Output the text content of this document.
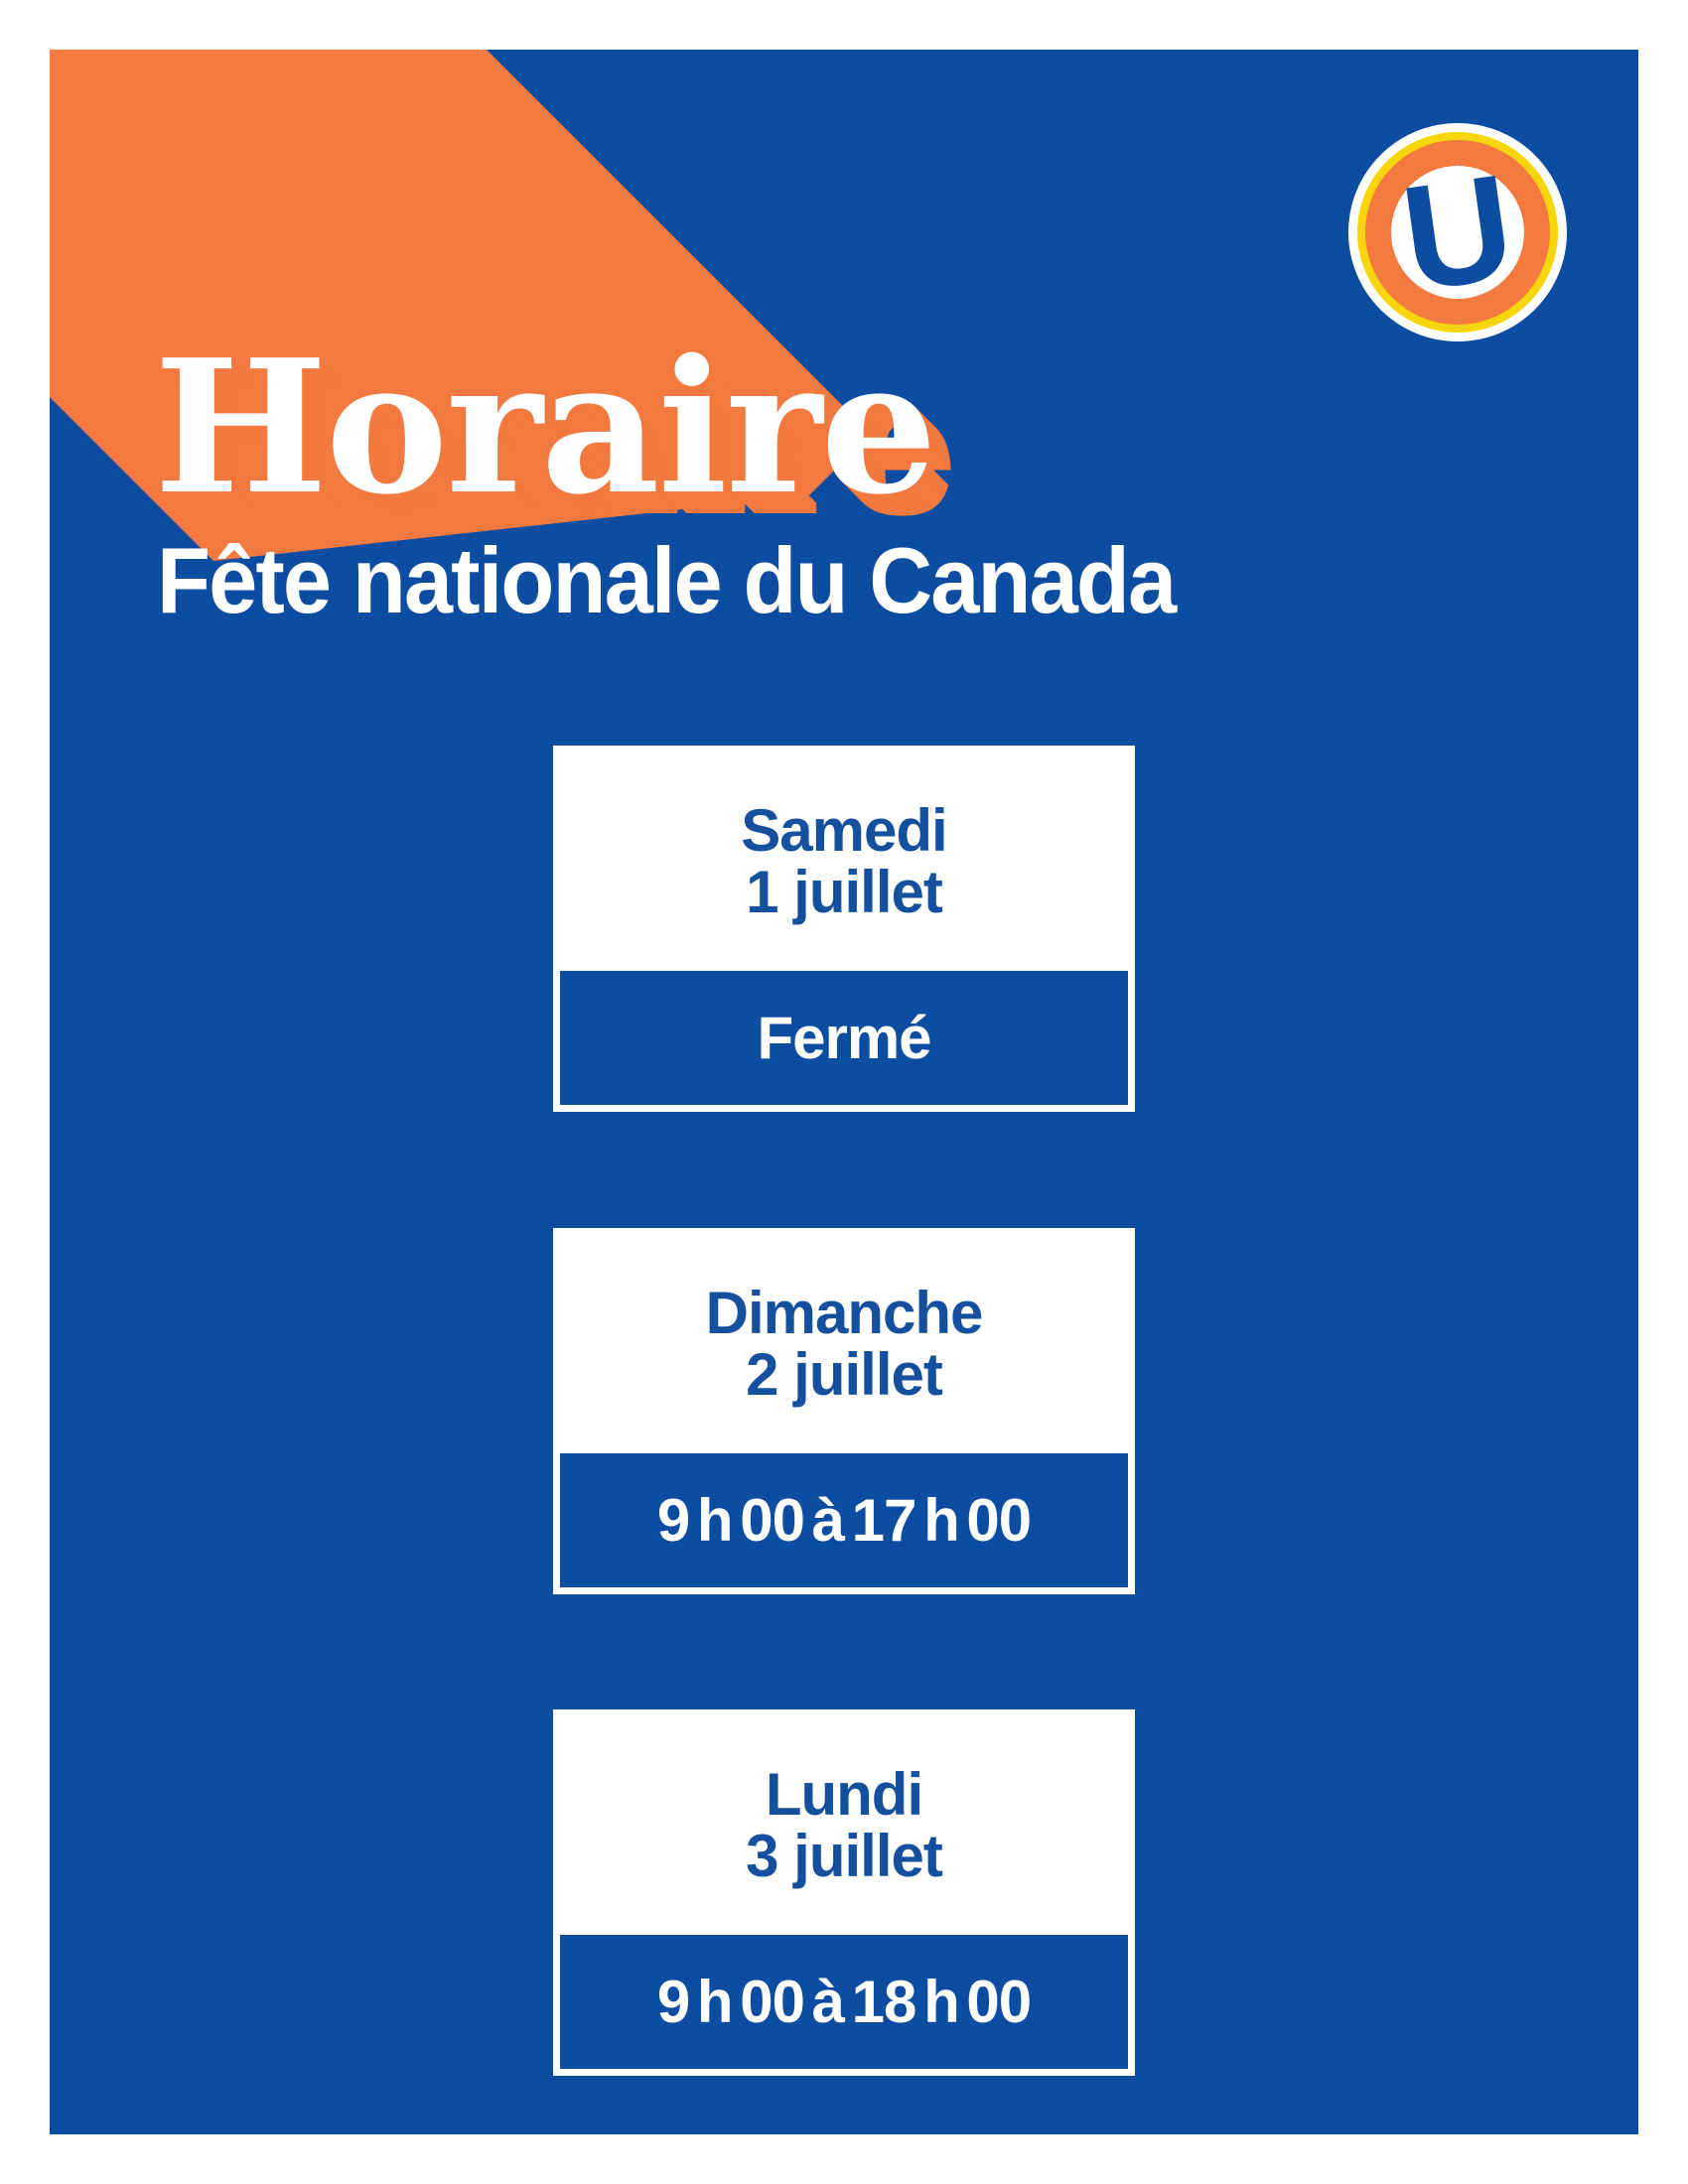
Horaire
Fête nationale du Canada
U
Samedi
1 juillet
Fermé
Dimanche
2 juillet
9 h 00 à 17 h 00
Lundi
3 juillet
9 h 00 à 18 h 00
